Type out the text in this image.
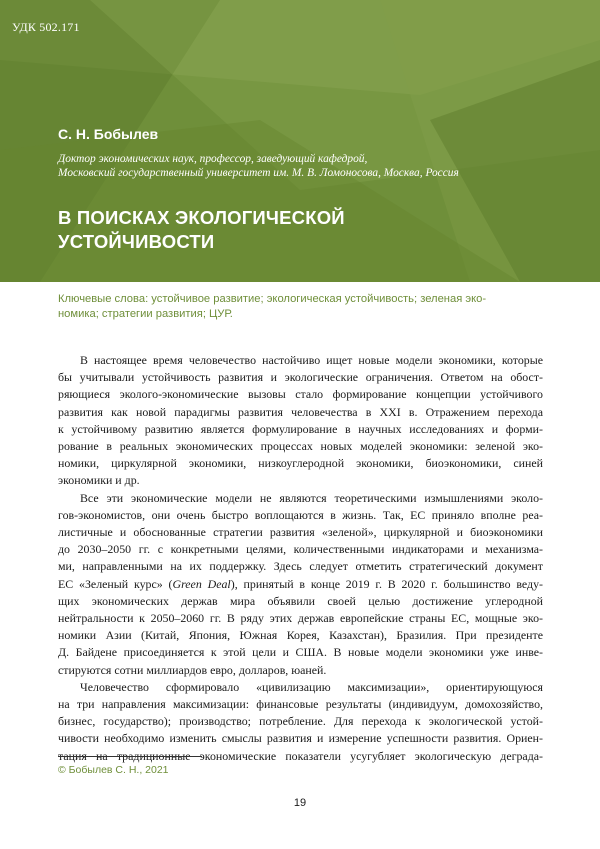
УДК 502.171
С. Н. Бобылев
Доктор экономических наук, профессор, заведующий кафедрой,
Московский государственный университет им. М. В. Ломоносова, Москва, Россия
В ПОИСКАХ ЭКОЛОГИЧЕСКОЙ
УСТОЙЧИВОСТИ
Ключевые слова: устойчивое развитие; экологическая устойчивость; зеленая эко-
номика; стратегии развития; ЦУР.
В настоящее время человечество настойчиво ищет новые модели экономики, которые
бы учитывали устойчивость развития и экологические ограничения. Ответом на обост-
ряющиеся эколого-экономические вызовы стало формирование концепции устойчивого
развития как новой парадигмы развития человечества в XXI в. Отражением перехода
к устойчивому развитию является формулирование в научных исследованиях и форми-
рование в реальных экономических процессах новых моделей экономики: зеленой эко-
номики, циркулярной экономики, низкоуглеродной экономики, биоэкономики, синей
экономики и др.
Все эти экономические модели не являются теоретическими измышлениями эколо-
гов-экономистов, они очень быстро воплощаются в жизнь. Так, ЕС приняло вполне реа-
листичные и обоснованные стратегии развития «зеленой», циркулярной и биоэкономики
до 2030–2050 гг. с конкретными целями, количественными индикаторами и механизма-
ми, направленными на их поддержку. Здесь следует отметить стратегический документ
ЕС «Зеленый курс» (Green Deal), принятый в конце 2019 г. В 2020 г. большинство веду-
щих экономических держав мира объявили своей целью достижение углеродной
нейтральности к 2050–2060 гг. В ряду этих держав европейские страны ЕС, мощные эко-
номики Азии (Китай, Япония, Южная Корея, Казахстан), Бразилия. При президенте
Д. Байдене присоединяется к этой цели и США. В новые модели экономики уже инве-
стируются сотни миллиардов евро, долларов, юаней.
Человечество сформировало «цивилизацию максимизации», ориентирующуюся
на три направления максимизации: финансовые результаты (индивидуум, домохозяйство,
бизнес, государство); производство; потребление. Для перехода к экологической устой-
чивости необходимо изменить смыслы развития и измерение успешности развития. Ориен-
тация на традиционные экономические показатели усугубляет экологическую деграда-
© Бобылев С. Н., 2021
19
